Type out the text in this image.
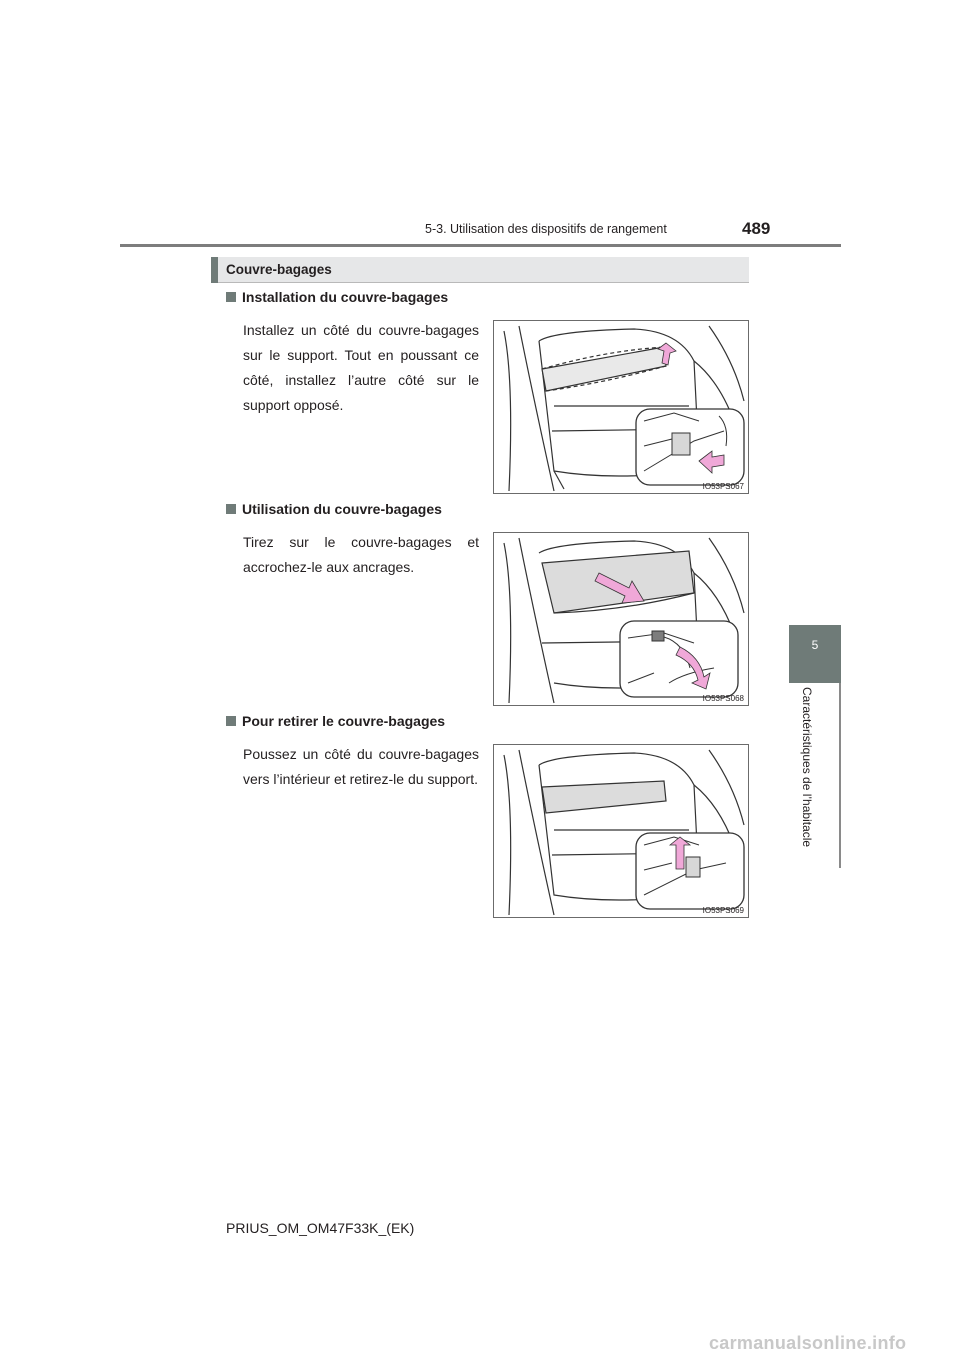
5-3. Utilisation des dispositifs de rangement	489
5
Caractéristiques de l’habitacle
Couvre-bagages
Installation du couvre-bagages
Installez un côté du couvre-bagages sur le support. Tout en poussant ce côté, installez l’autre côté sur le support opposé.
IO53PS067
Utilisation du couvre-bagages
Tirez sur le couvre-bagages et accrochez-le aux ancrages.
IO53PS068
Pour retirer le couvre-bagages
Poussez un côté du couvre-bagages vers l’intérieur et retirez-le du support.
IO53PS069
PRIUS_OM_OM47F33K_(EK)
carmanualsonline.info
